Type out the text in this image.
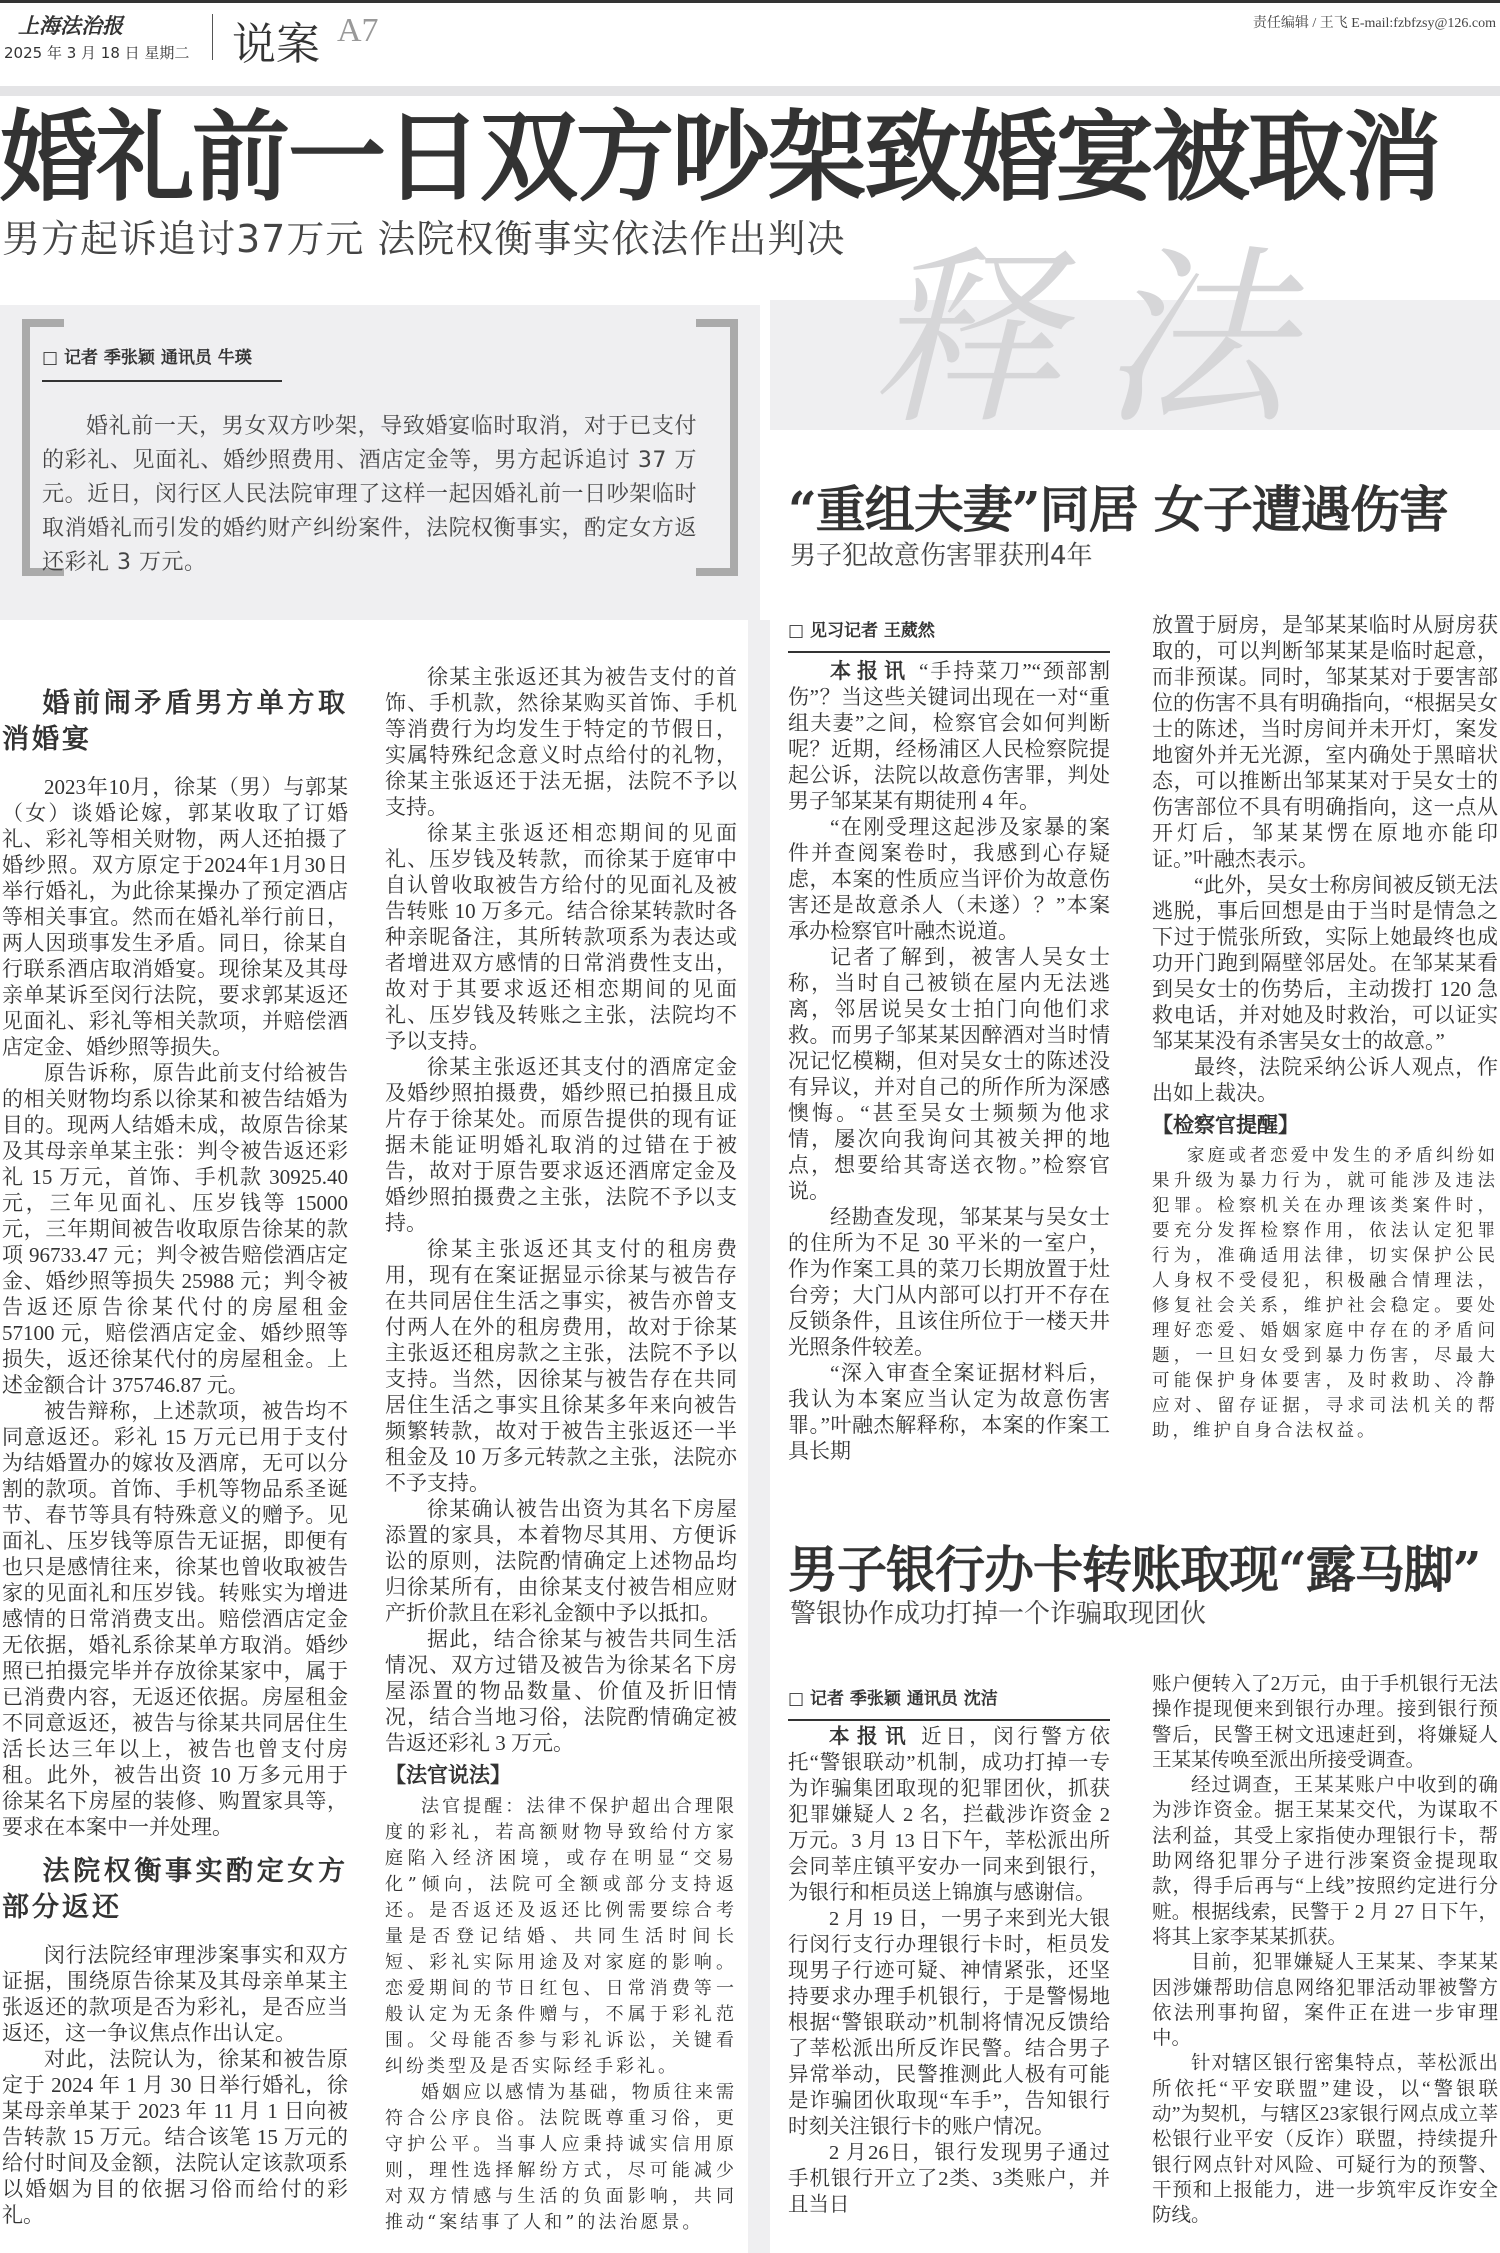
上海法治报
2025 年 3 月 18 日 星期二 说案 A7	责任编辑 / 王飞 E-mail:fzbfzsy@126.com
释法
婚礼前一日双方吵架致婚宴被取消
男方起诉追讨37万元 法院权衡事实依法作出判决
□ 记者 季张颖 通讯员 牛瑛

婚礼前一天，男女双方吵架，导致婚宴临时取消，对于已支付的彩礼、见面礼、婚纱照费用、酒店定金等，男方起诉追讨 37 万元。近日，闵行区人民法院审理了这样一起因婚礼前一日吵架临时取消婚礼而引发的婚约财产纠纷案件，法院权衡事实，酌定女方返还彩礼 3 万元。

婚前闹矛盾男方单方取消婚宴

2023年10月，徐某（男）与郭某（女）谈婚论嫁，郭某收取了订婚礼、彩礼等相关财物，两人还拍摄了婚纱照。双方原定于2024年1月30日举行婚礼，为此徐某操办了预定酒店等相关事宜。然而在婚礼举行前日，两人因琐事发生矛盾。同日，徐某自行联系酒店取消婚宴。现徐某及其母亲单某诉至闵行法院，要求郭某返还见面礼、彩礼等相关款项，并赔偿酒店定金、婚纱照等损失。

原告诉称，原告此前支付给被告的相关财物均系以徐某和被告结婚为目的。现两人结婚未成，故原告徐某及其母亲单某主张：判令被告返还彩礼 15 万元，首饰、手机款 30925.40 元，三年见面礼、压岁钱等 15000 元，三年期间被告收取原告徐某的款项 96733.47 元；判令被告赔偿酒店定金、婚纱照等损失 25988 元；判令被告返还原告徐某代付的房屋租金 57100 元，赔偿酒店定金、婚纱照等损失，返还徐某代付的房屋租金。上述金额合计 375746.87 元。

被告辩称，上述款项，被告均不同意返还。彩礼 15 万元已用于支付为结婚置办的嫁妆及酒席，无可以分割的款项。首饰、手机等物品系圣诞节、春节等具有特殊意义的赠予。见面礼、压岁钱等原告无证据，即便有也只是感情往来，徐某也曾收取被告家的见面礼和压岁钱。转账实为增进感情的日常消费支出。赔偿酒店定金无依据，婚礼系徐某单方取消。婚纱照已拍摄完毕并存放徐某家中，属于已消费内容，无返还依据。房屋租金不同意返还，被告与徐某共同居住生活长达三年以上，被告也曾支付房租。此外，被告出资 10 万多元用于徐某名下房屋的装修、购置家具等，要求在本案中一并处理。

法院权衡事实酌定女方部分返还

闵行法院经审理涉案事实和双方证据，围绕原告徐某及其母亲单某主张返还的款项是否为彩礼，是否应当返还，这一争议焦点作出认定。

对此，法院认为，徐某和被告原定于 2024 年 1 月 30 日举行婚礼，徐某母亲单某于 2023 年 11 月 1 日向被告转款 15 万元。结合该笔 15 万元的给付时间及金额，法院认定该款项系以婚姻为目的依据习俗而给付的彩礼。

徐某主张返还其为被告支付的首饰、手机款，然徐某购买首饰、手机等消费行为均发生于特定的节假日，实属特殊纪念意义时点给付的礼物，徐某主张返还于法无据，法院不予以支持。

徐某主张返还相恋期间的见面礼、压岁钱及转款，而徐某于庭审中自认曾收取被告方给付的见面礼及被告转账 10 万多元。结合徐某转款时各种亲昵备注，其所转款项系为表达或者增进双方感情的日常消费性支出，故对于其要求返还相恋期间的见面礼、压岁钱及转账之主张，法院均不予以支持。

徐某主张返还其支付的酒席定金及婚纱照拍摄费，婚纱照已拍摄且成片存于徐某处。而原告提供的现有证据未能证明婚礼取消的过错在于被告，故对于原告要求返还酒席定金及婚纱照拍摄费之主张，法院不予以支持。

徐某主张返还其支付的租房费用，现有在案证据显示徐某与被告存在共同居住生活之事实，被告亦曾支付两人在外的租房费用，故对于徐某主张返还租房款之主张，法院不予以支持。当然，因徐某与被告存在共同居住生活之事实且徐某多年来向被告频繁转款，故对于被告主张返还一半租金及 10 万多元转款之主张，法院亦不予支持。

徐某确认被告出资为其名下房屋添置的家具，本着物尽其用、方便诉讼的原则，法院酌情确定上述物品均归徐某所有，由徐某支付被告相应财产折价款且在彩礼金额中予以抵扣。

据此，结合徐某与被告共同生活情况、双方过错及被告为徐某名下房屋添置的物品数量、价值及折旧情况，结合当地习俗，法院酌情确定被告返还彩礼 3 万元。

【法官说法】

法官提醒：法律不保护超出合理限度的彩礼，若高额财物导致给付方家庭陷入经济困境，或存在明显“交易化”倾向，法院可全额或部分支持返还。是否返还及返还比例需要综合考量是否登记结婚、共同生活时间长短、彩礼实际用途及对家庭的影响。恋爱期间的节日红包、日常消费等一般认定为无条件赠与，不属于彩礼范围。父母能否参与彩礼诉讼，关键看纠纷类型及是否实际经手彩礼。

婚姻应以感情为基础，物质往来需符合公序良俗。法院既尊重习俗，更守护公平。当事人应秉持诚实信用原则，理性选择解纷方式，尽可能减少对双方情感与生活的负面影响，共同推动“案结事了人和”的法治愿景。

“重组夫妻”同居 女子遭遇伤害
男子犯故意伤害罪获刑4年
□ 见习记者 王葳然

本报讯 “手持菜刀”“颈部割伤”？当这些关键词出现在一对“重组夫妻”之间，检察官会如何判断呢？近期，经杨浦区人民检察院提起公诉，法院以故意伤害罪，判处男子邹某某有期徒刑 4 年。

“在刚受理这起涉及家暴的案件并查阅案卷时，我感到心存疑虑，本案的性质应当评价为故意伤害还是故意杀人（未遂）？”本案承办检察官叶融杰说道。

记者了解到，被害人吴女士称，当时自己被锁在屋内无法逃离，邻居说吴女士拍门向他们求救。而男子邹某某因醉酒对当时情况记忆模糊，但对吴女士的陈述没有异议，并对自己的所作所为深感懊悔。“甚至吴女士频频为他求情，屡次向我询问其被关押的地点，想要给其寄送衣物。”检察官说。

经勘查发现，邹某某与吴女士的住所为不足 30 平米的一室户，作为作案工具的菜刀长期放置于灶台旁；大门从内部可以打开不存在反锁条件，且该住所位于一楼天井光照条件较差。

“深入审查全案证据材料后，我认为本案应当认定为故意伤害罪。”叶融杰解释称，本案的作案工具长期

放置于厨房，是邹某某临时从厨房获取的，可以判断邹某某是临时起意，而非预谋。同时，邹某某对于要害部位的伤害不具有明确指向，“根据吴女士的陈述，当时房间并未开灯，案发地窗外并无光源，室内确处于黑暗状态，可以推断出邹某某对于吴女士的伤害部位不具有明确指向，这一点从开灯后，邹某某愣在原地亦能印证。”叶融杰表示。

“此外，吴女士称房间被反锁无法逃脱，事后回想是由于当时是情急之下过于慌张所致，实际上她最终也成功开门跑到隔壁邻居处。在邹某某看到吴女士的伤势后，主动拨打 120 急救电话，并对她及时救治，可以证实邹某某没有杀害吴女士的故意。”

最终，法院采纳公诉人观点，作出如上裁决。

【检察官提醒】

家庭或者恋爱中发生的矛盾纠纷如果升级为暴力行为，就可能涉及违法犯罪。检察机关在办理该类案件时，要充分发挥检察作用，依法认定犯罪行为，准确适用法律，切实保护公民人身权不受侵犯，积极融合情理法，修复社会关系，维护社会稳定。要处理好恋爱、婚姻家庭中存在的矛盾问题，一旦妇女受到暴力伤害，尽最大可能保护身体要害，及时救助、冷静应对、留存证据，寻求司法机关的帮助，维护自身合法权益。

男子银行办卡转账取现“露马脚”
警银协作成功打掉一个诈骗取现团伙
□ 记者 季张颖 通讯员 沈洁

本报讯 近日，闵行警方依托“警银联动”机制，成功打掉一专为诈骗集团取现的犯罪团伙，抓获犯罪嫌疑人 2 名，拦截涉诈资金 2 万元。3 月 13 日下午，莘松派出所会同莘庄镇平安办一同来到银行，为银行和柜员送上锦旗与感谢信。

2 月 19 日，一男子来到光大银行闵行支行办理银行卡时，柜员发现男子行迹可疑、神情紧张，还坚持要求办理手机银行，于是警惕地根据“警银联动”机制将情况反馈给了莘松派出所反诈民警。结合男子异常举动，民警推测此人极有可能是诈骗团伙取现“车手”，告知银行时刻关注银行卡的账户情况。

2 月26日，银行发现男子通过手机银行开立了2类、3类账户，并且当日

账户便转入了2万元，由于手机银行无法操作提现便来到银行办理。接到银行预警后，民警王树文迅速赶到，将嫌疑人王某某传唤至派出所接受调查。

经过调查，王某某账户中收到的确为涉诈资金。据王某某交代，为谋取不法利益，其受上家指使办理银行卡，帮助网络犯罪分子进行涉案资金提现取款，得手后再与“上线”按照约定进行分赃。根据线索，民警于 2 月 27 日下午，将其上家李某某抓获。

目前，犯罪嫌疑人王某某、李某某因涉嫌帮助信息网络犯罪活动罪被警方依法刑事拘留，案件正在进一步审理中。

针对辖区银行密集特点，莘松派出所依托“平安联盟”建设，以“警银联动”为契机，与辖区23家银行网点成立莘松银行业平安（反诈）联盟，持续提升银行网点针对风险、可疑行为的预警、干预和上报能力，进一步筑牢反诈安全防线。
